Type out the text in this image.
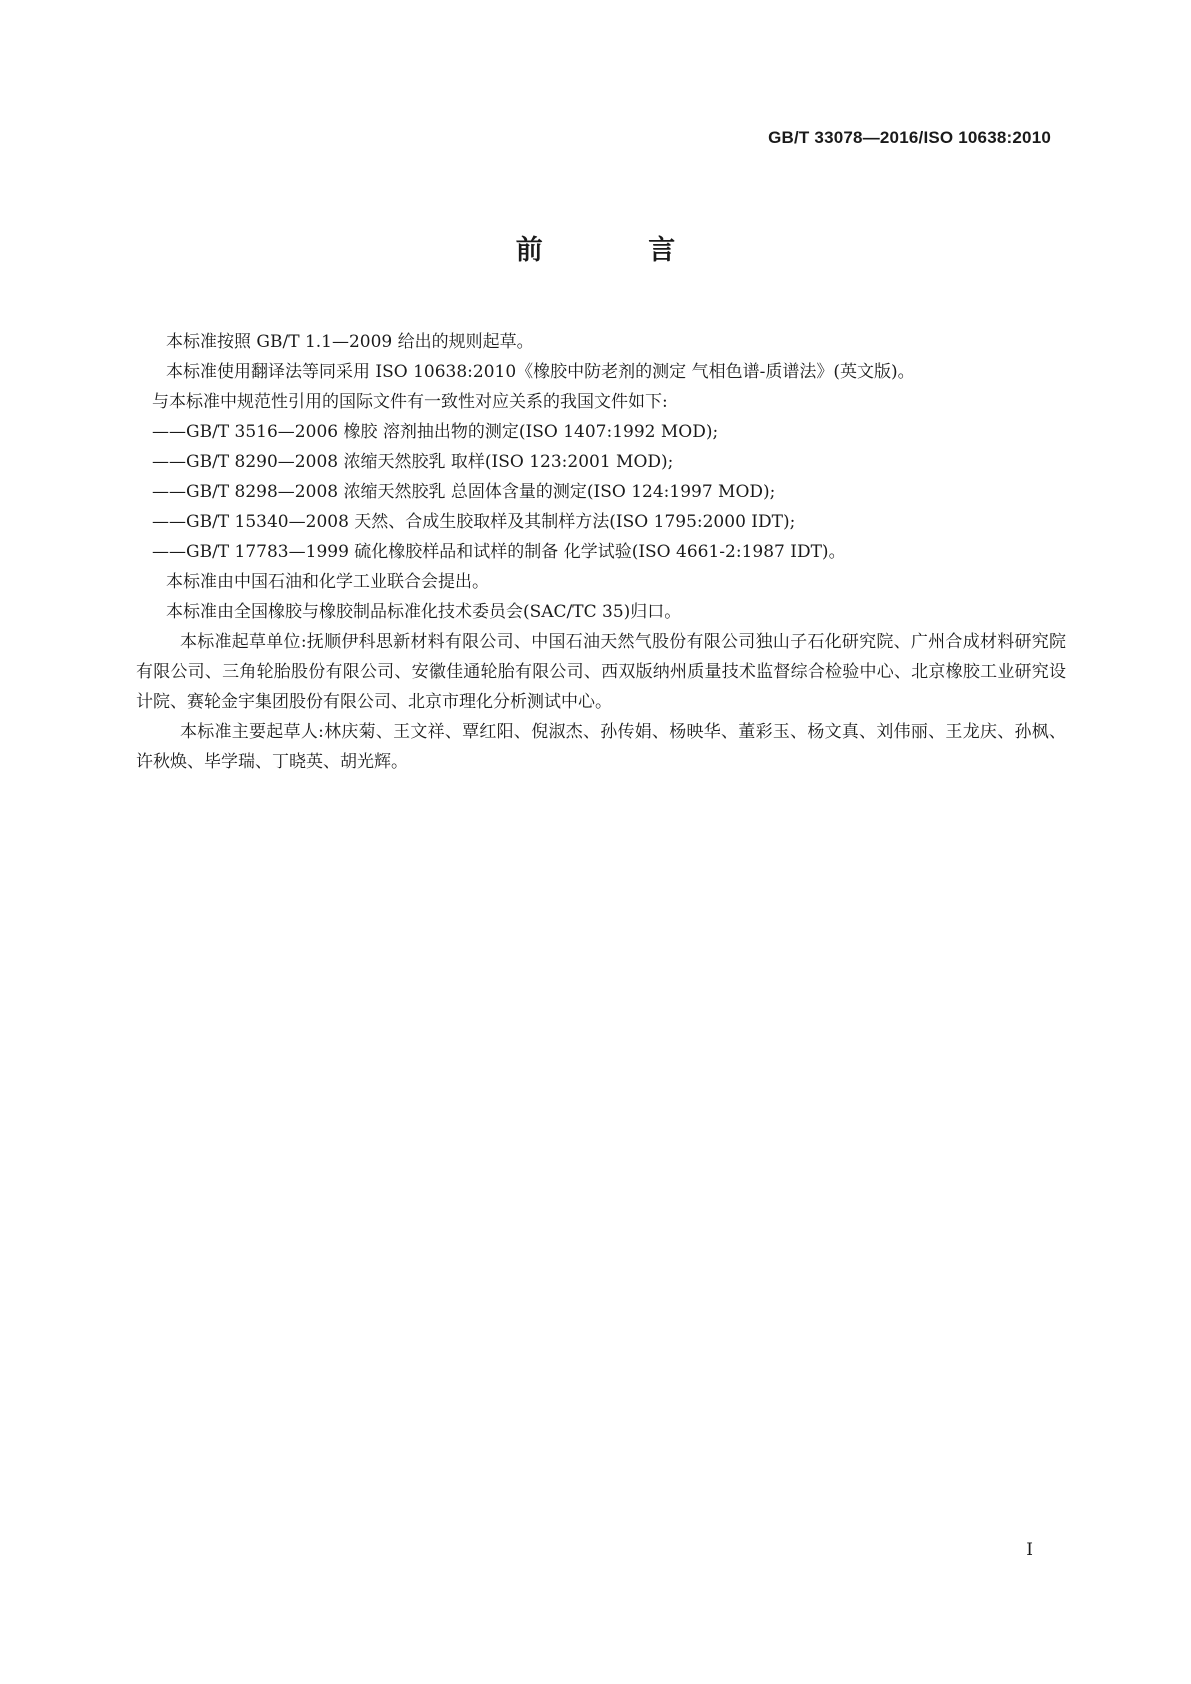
GB/T 33078—2016/ISO 10638:2010
前 言

本标准按照 GB/T 1.1—2009 给出的规则起草。

本标准使用翻译法等同采用 ISO 10638:2010《橡胶中防老剂的测定 气相色谱-质谱法》(英文版)。

与本标准中规范性引用的国际文件有一致性对应关系的我国文件如下:

——GB/T 3516—2006 橡胶 溶剂抽出物的测定(ISO 1407:1992 MOD);

——GB/T 8290—2008 浓缩天然胶乳 取样(ISO 123:2001 MOD);

——GB/T 8298—2008 浓缩天然胶乳 总固体含量的测定(ISO 124:1997 MOD);

——GB/T 15340—2008 天然、合成生胶取样及其制样方法(ISO 1795:2000 IDT);

——GB/T 17783—1999 硫化橡胶样品和试样的制备 化学试验(ISO 4661-2:1987 IDT)。

本标准由中国石油和化学工业联合会提出。

本标准由全国橡胶与橡胶制品标准化技术委员会(SAC/TC 35)归口。

本标准起草单位:抚顺伊科思新材料有限公司、中国石油天然气股份有限公司独山子石化研究院、广州合成材料研究院有限公司、三角轮胎股份有限公司、安徽佳通轮胎有限公司、西双版纳州质量技术监督综合检验中心、北京橡胶工业研究设计院、赛轮金宇集团股份有限公司、北京市理化分析测试中心。

本标准主要起草人:林庆菊、王文祥、覃红阳、倪淑杰、孙传娟、杨映华、董彩玉、杨文真、刘伟丽、王龙庆、孙枫、许秋焕、毕学瑞、丁晓英、胡光辉。

I
